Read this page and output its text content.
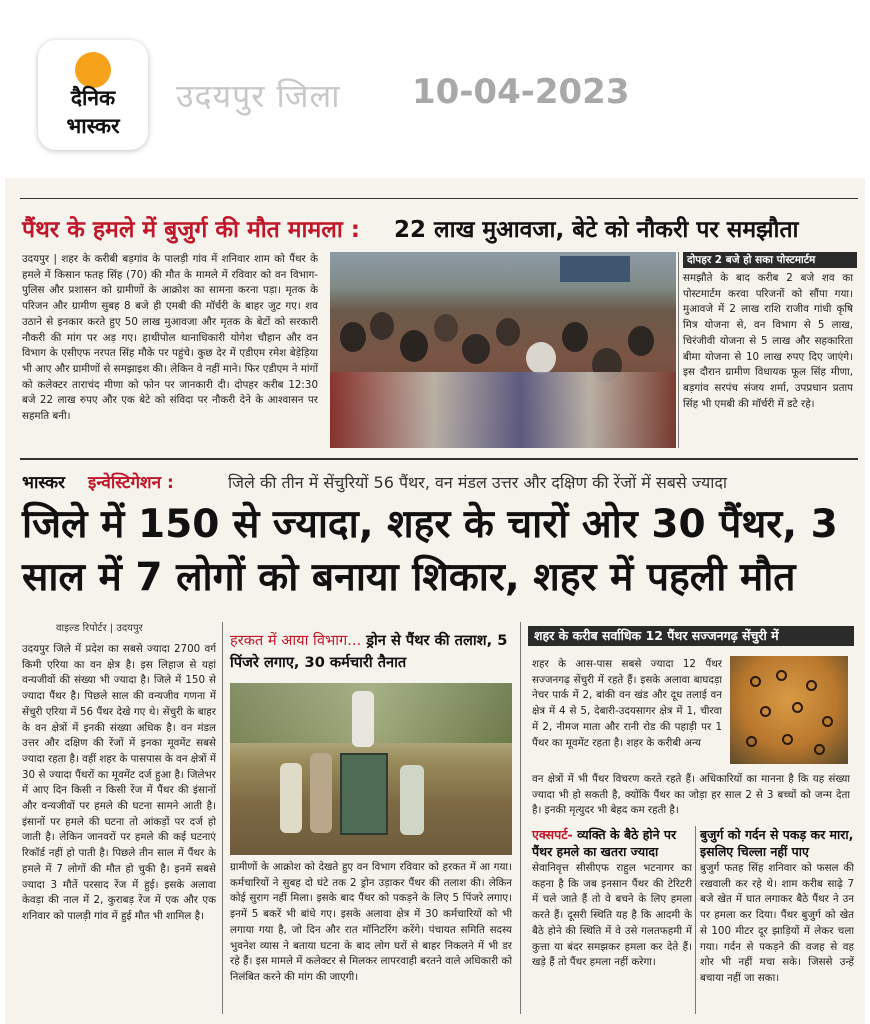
दैनिक
भास्कर
उदयपुर जिला 10-04-2023
पैंथर के हमले में बुजुर्ग की मौत मामला : 22 लाख मुआवजा, बेटे को नौकरी पर समझौता
उदयपुर | शहर के करीबी बड़गांव के पालड़ी गांव में शनिवार शाम को पैंथर के हमले में किसान फतह सिंह (70) की मौत के मामले में रविवार को वन विभाग-पुलिस और प्रशासन को ग्रामीणों के आक्रोश का सामना करना पड़ा। मृतक के परिजन और ग्रामीण सुबह 8 बजे ही एमबी की मॉर्चरी के बाहर जुट गए। शव उठाने से इनकार करते हुए 50 लाख मुआवजा और मृतक के बेटों को सरकारी नौकरी की मांग पर अड़ गए। हाथीपोल थानाधिकारी योगेश चौहान और वन विभाग के एसीएफ नरपत सिंह मौके पर पहुंचे। कुछ देर में एडीएम रमेश बेड़ेड़िया भी आए और ग्रामीणों से समझाइश की। लेकिन वे नहीं माने। फिर एडीएम ने मांगों को कलेक्टर ताराचंद मीणा को फोन पर जानकारी दी। दोपहर करीब 12:30 बजे 22 लाख रुपए और एक बेटे को संविदा पर नौकरी देने के आश्वासन पर सहमति बनी।
दोपहर 2 बजे हो सका पोस्टमार्टम
समझौते के बाद करीब 2 बजे शव का पोस्टमार्टम करवा परिजनों को सौंपा गया। मुआवजे में 2 लाख राशि राजीव गांधी कृषि मित्र योजना से, वन विभाग से 5 लाख, चिरंजीवी योजना से 5 लाख और सहकारिता बीमा योजना से 10 लाख रुपए दिए जाएंगे। इस दौरान ग्रामीण विधायक फूल सिंह मीणा, बड़गांव सरपंच संजय शर्मा, उपप्रधान प्रताप सिंह भी एमबी की मॉर्चरी में डटे रहे।
भास्कर इन्वेस्टिगेशन :	जिले की तीन में सेंचुरियों 56 पैंथर, वन मंडल उत्तर और दक्षिण की रेंजों में सबसे ज्यादा
जिले में 150 से ज्यादा, शहर के चारों ओर 30 पैंथर, 3 साल में 7 लोगों को बनाया शिकार, शहर में पहली मौत
वाइल्ड रिपोर्टर | उदयपुर
उदयपुर जिले में प्रदेश का सबसे ज्यादा 2700 वर्ग किमी एरिया का वन क्षेत्र है। इस लिहाज से यहां वन्यजीवों की संख्या भी ज्यादा है। जिले में 150 से ज्यादा पैंथर है। पिछले साल की वन्यजीव गणना में सेंचुरी एरिया में 56 पैंथर देखे गए थे। सेंचुरी के बाहर के वन क्षेत्रों में इनकी संख्या अधिक है। वन मंडल उत्तर और दक्षिण की रेंजों में इनका मूवमेंट सबसे ज्यादा रहता है। वहीं शहर के पासपास के वन क्षेत्रों में 30 से ज्यादा पैंथरों का मूवमेंट दर्ज हुआ है। जिलेभर में आए दिन किसी न किसी रेंज में पैंथर की इंसानों और वन्यजीवों पर हमले की घटना सामने आती है। इंसानों पर हमले की घटना तो आंकड़ों पर दर्ज हो जाती है। लेकिन जानवरों पर हमले की कई घटनाएं रिकॉर्ड नहीं हो पाती है। पिछले तीन साल में पैंथर के हमले में 7 लोगों की मौत हो चुकी है। इनमें सबसे ज्यादा 3 मौतें परसाद रेंज में हुई। इसके अलावा केवड़ा की नाल में 2, कुराबड़ रेंज में एक और एक शनिवार को पालड़ी गांव में हुई मौत भी शामिल है।
हरकत में आया विभाग... ड्रोन से पैंथर की तलाश, 5 पिंजरे लगाए, 30 कर्मचारी तैनात
ग्रामीणों के आक्रोश को देखते हुए वन विभाग रविवार को हरकत में आ गया। कर्मचारियों ने सुबह दो घंटे तक 2 ड्रोन उड़ाकर पैंथर की तलाश की। लेकिन कोई सुराग नहीं मिला। इसके बाद पैंथर को पकड़ने के लिए 5 पिंजरे लगाए। इनमें 5 बकरें भी बांधे गए। इसके अलावा क्षेत्र में 30 कर्मचारियों को भी लगाया गया है, जो दिन और रात मॉनिटरिंग करेंगे। पंचायत समिति सदस्य भुवनेश व्यास ने बताया घटना के बाद लोग घरों से बाहर निकलने में भी डर रहे हैं। इस मामले में कलेक्टर से मिलकर लापरवाही बरतने वाले अधिकारी को निलंबित करने की मांग की जाएगी।
शहर के करीब सर्वाधिक 12 पैंथर सज्जनगढ़ सेंचुरी में
शहर के आस-पास सबसे ज्यादा 12 पैंथर सज्जनगढ़ सेंचुरी में रहते हैं। इसके अलावा बाघदड़ा नेचर पार्क में 2, बांकी वन खंड और दूध तलाई वन क्षेत्र में 4 से 5, देबारी-उदयसागर क्षेत्र में 1, चीरवा में 2, नीमज माता और रानी रोड की पहाड़ी पर 1 पैंथर का मूवमेंट रहता है। शहर के करीबी अन्य
वन क्षेत्रों में भी पैंथर विचरण करते रहते हैं। अधिकारियों का मानना है कि यह संख्या ज्यादा भी हो सकती है, क्योंकि पैंथर का जोड़ा हर साल 2 से 3 बच्चों को जन्म देता है। इनकी मृत्युदर भी बेहद कम रहती है।
एक्सपर्ट- व्यक्ति के बैठे होने पर पैंथर हमले का खतरा ज्यादा
सेवानिवृत्त सीसीएफ राहुल भटनागर का कहना है कि जब इनसान पैंथर की टेरिटरी में चले जाते हैं तो वे बचने के लिए हमला करते हैं। दूसरी स्थिति यह है कि आदमी के बैठे होने की स्थिति में वे उसे गलतफहमी में कुत्ता या बंदर समझकर हमला कर देते हैं। खड़े हैं तो पैंथर हमला नहीं करेगा।
बुजुर्ग को गर्दन से पकड़ कर मारा, इसलिए चिल्ला नहीं पाए
बुजुर्ग फतह सिंह शनिवार को फसल की रखवाली कर रहे थे। शाम करीब साढ़े 7 बजे खेत में घात लगाकर बैठे पैंथर ने उन पर हमला कर दिया। पैंथर बुजुर्ग को खेत से 100 मीटर दूर झाड़ियों में लेकर चला गया। गर्दन से पकड़ने की वजह से वह शोर भी नहीं मचा सके। जिससे उन्हें बचाया नहीं जा सका।
